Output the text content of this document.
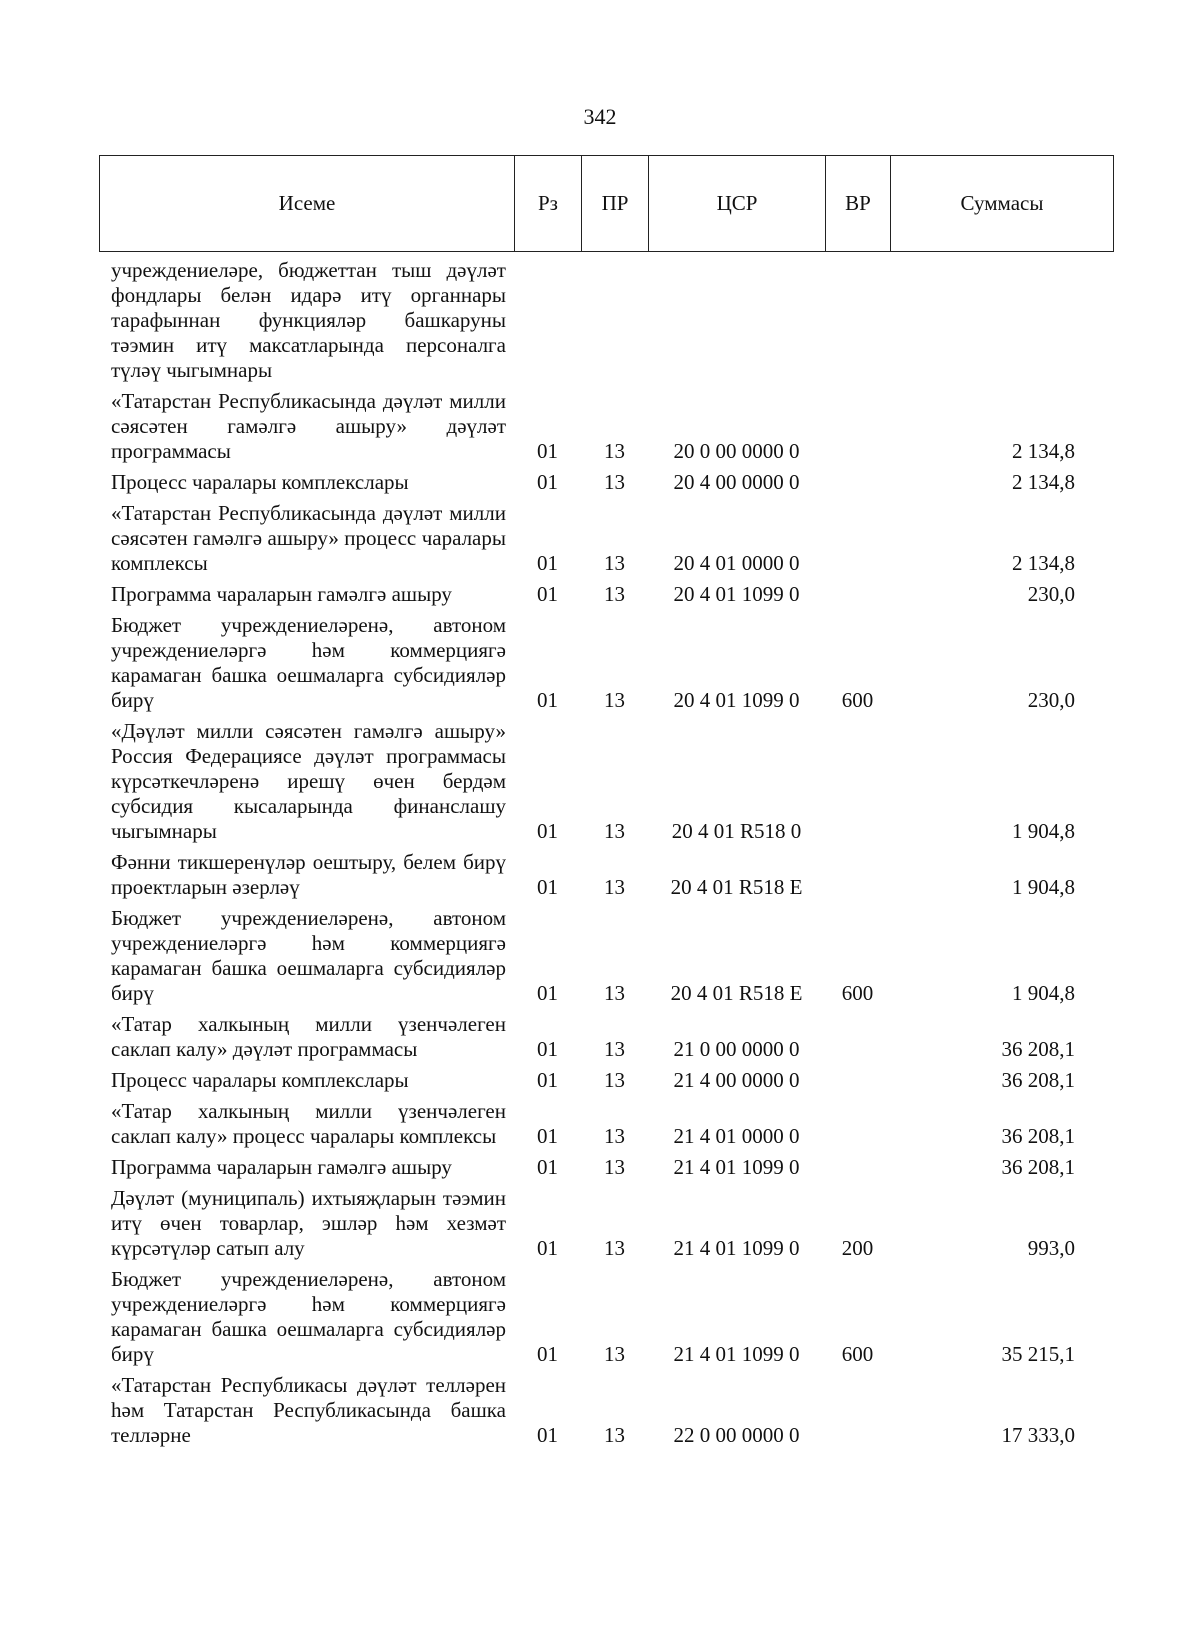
342
Исеме	Рз	ПР	ЦСР	ВР	Суммасы
учреждениеләре, бюджеттан тыш дәүләт фондлары белән идарә итү органнары тарафыннан функцияләр башкаруны тәэмин итү максатларында персоналга түләү чыгымнары					
«Татарстан Республикасында дәүләт милли сәясәтен гамәлгә ашыру» дәүләт программасы	01	13	20 0 00 0000 0		2 134,8
Процесс чаралары комплекслары	01	13	20 4 00 0000 0		2 134,8
«Татарстан Республикасында дәүләт милли сәясәтен гамәлгә ашыру» процесс чаралары комплексы	01	13	20 4 01 0000 0		2 134,8
Программа чараларын гамәлгә ашыру	01	13	20 4 01 1099 0		230,0
Бюджет учреждениеләренә, автоном учреждениеләргә һәм коммерциягә карамаган башка оешмаларга субсидияләр бирү	01	13	20 4 01 1099 0	600	230,0
«Дәүләт милли сәясәтен гамәлгә ашыру» Россия Федерациясе дәүләт программасы күрсәткечләренә ирешү өчен бердәм субсидия кысаларында финанслашу чыгымнары	01	13	20 4 01 R518 0		1 904,8
Фәнни тикшеренүләр оештыру, белем бирү проектларын әзерләү	01	13	20 4 01 R518 E		1 904,8
Бюджет учреждениеләренә, автоном учреждениеләргә һәм коммерциягә карамаган башка оешмаларга субсидияләр бирү	01	13	20 4 01 R518 E	600	1 904,8
«Татар халкының милли үзенчәлеген саклап калу» дәүләт программасы	01	13	21 0 00 0000 0		36 208,1
Процесс чаралары комплекслары	01	13	21 4 00 0000 0		36 208,1
«Татар халкының милли үзенчәлеген саклап калу» процесс чаралары комплексы	01	13	21 4 01 0000 0		36 208,1
Программа чараларын гамәлгә ашыру	01	13	21 4 01 1099 0		36 208,1
Дәүләт (муниципаль) ихтыяҗларын тәэмин итү өчен товарлар, эшләр һәм хезмәт күрсәтүләр сатып алу	01	13	21 4 01 1099 0	200	993,0
Бюджет учреждениеләренә, автоном учреждениеләргә һәм коммерциягә карамаган башка оешмаларга субсидияләр бирү	01	13	21 4 01 1099 0	600	35 215,1
«Татарстан Республикасы дәүләт телләрен һәм Татарстан Республикасында башка телләрне	01	13	22 0 00 0000 0		17 333,0
